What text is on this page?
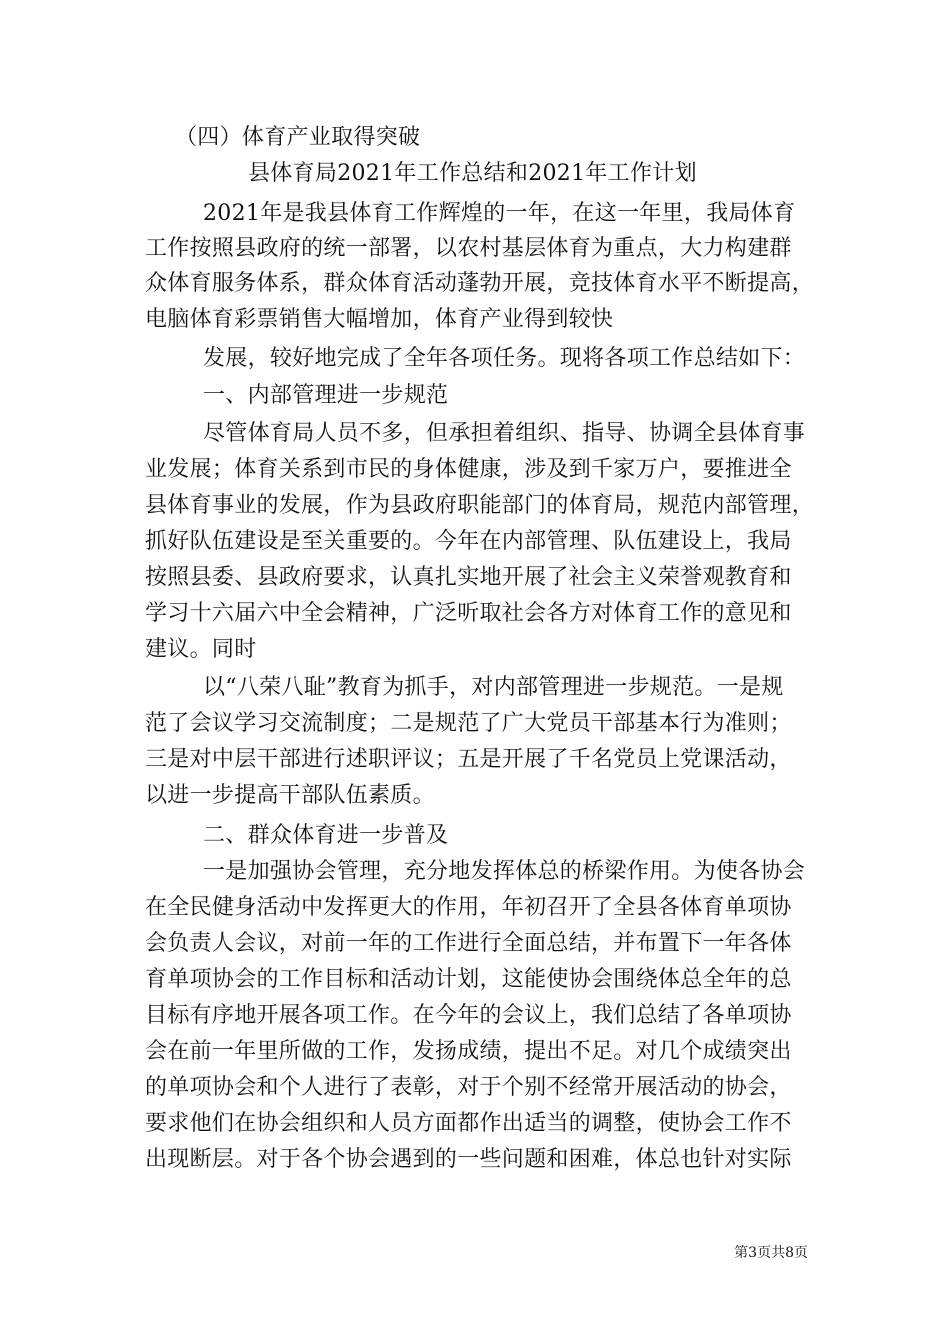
（四）体育产业取得突破
县体育局2021年工作总结和2021年工作计划
2021年是我县体育工作辉煌的一年，在这一年里，我局体育
工作按照县政府的统一部署，以农村基层体育为重点，大力构建群
众体育服务体系，群众体育活动蓬勃开展，竞技体育水平不断提高，
电脑体育彩票销售大幅增加，体育产业得到较快
发展，较好地完成了全年各项任务。现将各项工作总结如下：
一、内部管理进一步规范
尽管体育局人员不多，但承担着组织、指导、协调全县体育事
业发展；体育关系到市民的身体健康，涉及到千家万户，要推进全
县体育事业的发展，作为县政府职能部门的体育局，规范内部管理，
抓好队伍建设是至关重要的。今年在内部管理、队伍建设上，我局
按照县委、县政府要求，认真扎实地开展了社会主义荣誉观教育和
学习十六届六中全会精神，广泛听取社会各方对体育工作的意见和
建议。同时
以“八荣八耻”教育为抓手，对内部管理进一步规范。一是规
范了会议学习交流制度；二是规范了广大党员干部基本行为准则；
三是对中层干部进行述职评议；五是开展了千名党员上党课活动，
以进一步提高干部队伍素质。
二、群众体育进一步普及
一是加强协会管理，充分地发挥体总的桥梁作用。为使各协会
在全民健身活动中发挥更大的作用，年初召开了全县各体育单项协
会负责人会议，对前一年的工作进行全面总结，并布置下一年各体
育单项协会的工作目标和活动计划，这能使协会围绕体总全年的总
目标有序地开展各项工作。在今年的会议上，我们总结了各单项协
会在前一年里所做的工作，发扬成绩，提出不足。对几个成绩突出
的单项协会和个人进行了表彰，对于个别不经常开展活动的协会，
要求他们在协会组织和人员方面都作出适当的调整，使协会工作不
出现断层。对于各个协会遇到的一些问题和困难，体总也针对实际
第3页共8页
